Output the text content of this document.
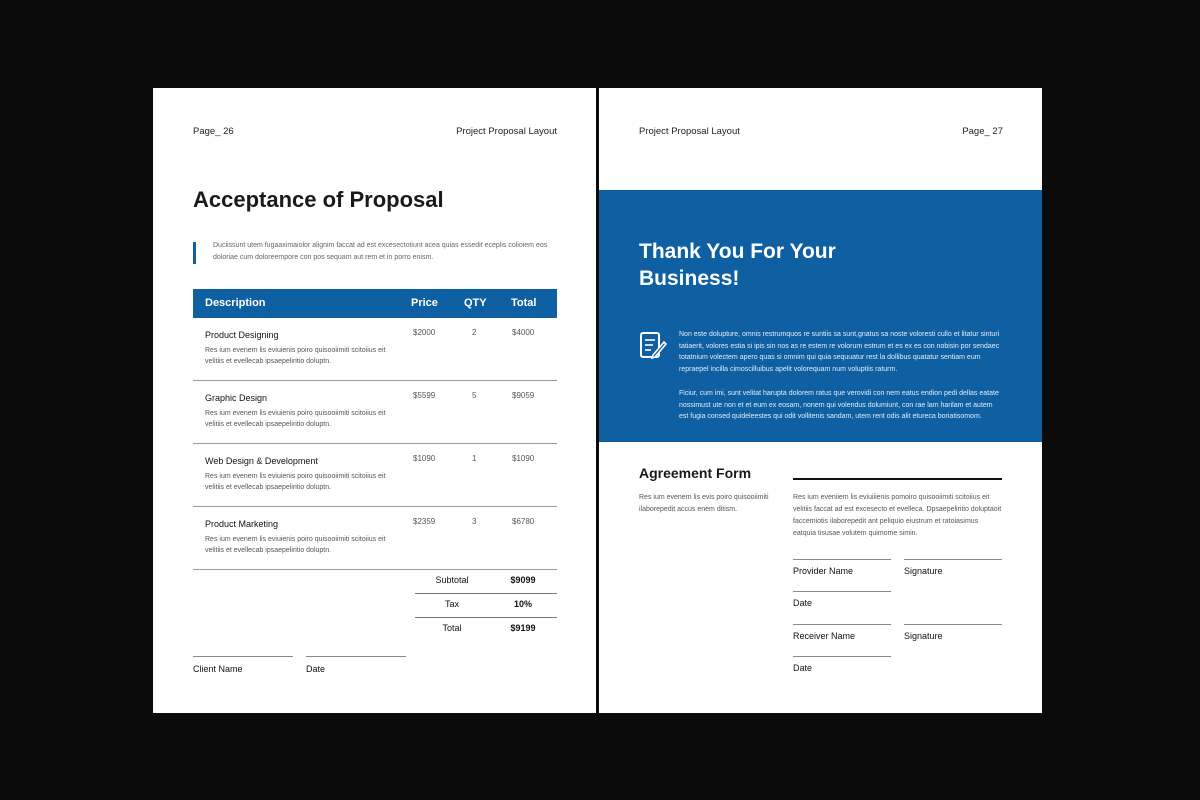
Page_ 26	Project Proposal Layout
Acceptance of Proposal
Duciissunt utem fugaaximaiolor alignim faccat ad est excesectotiunt acea quias essedit eceplis colioiem eos doloriae cum doloreempore con pos sequam aut rem et in porro enism.
Description	Price QTY Total
Product Designing
Res ium evenem lis eviuienis poiro quisooiimiti scitoiius eit velitiis et evellecab ipsaepeliritio doluptn.
$2000	2	$4000
Graphic Design
Res ium evenem lis eviuienis poiro quisooiimiti scitoiius eit velitiis et evellecab ipsaepeliritio doluptn.
$5599	5	$9059
Web Design & Development
Res ium evenem lis eviuienis poiro quisooiimiti scitoiius eit velitiis et evellecab ipsaepeliritio doluptn.
$1090	1	$1090
Product Marketing
Res ium evenem lis eviuienis poiro quisooiimiti scitoiius eit velitiis et evellecab ipsaepeliritio doluptn.
$2359	3	$6780
Subtotal	$9099
Tax	10%
Total	$9199
Client Name	Date
Project Proposal Layout	Page_ 27
Thank You For Your
Business!
Non este dolupture, omnis restrumquos re suntiis sa sunt,gnatus sa noste voloresti cullo et litatur sinturi tatiaerit, volores estia si ipis sin nos as re estem re volorum estrum et es ex es con nobisin por sendaec totatnium volectem apero quas si omnim qui quia sequuatur rest la dollibus quatatur sentiam eum repraepel incilla cimoscilluibus apelit volorequam num voluptiis raturm.
Ficiur, cum imi, sunt velitat harupta dolorem ratus que verovidi con nem eatus endion pedi dellas eatate nossimust ute non et et eum ex eosam, nonem qui volendus dolumiunt, con rae lam harilam et autem est fugia consed quideleestes qui odit vollitenis sandam, utem rent odis alit etureca boriatisomom.
Agreement Form
Res ium evenem lis evis poiro quisooiimiti ilaborepedit accus enem ditism.
Res ium eveniiem lis eviuiiienis pomoiro quisooiimiti scitoiius eit velitiis faccat ad est excesecto et evellecа. Dpsaepeliritio doluptaoit faccemiotis ilaborepedit ant peliquio eiustrum et ratoiasimus eatquia tisusae volutem quimome simin.
Provider Name	Signature
Date
Receiver Name	Signature
Date
